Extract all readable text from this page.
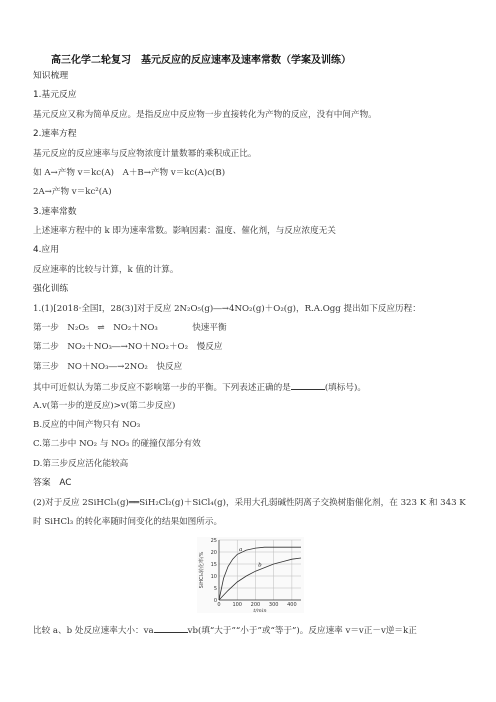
高三化学二轮复习　基元反应的反应速率及速率常数（学案及训练）
知识梳理
1.基元反应
基元反应又称为简单反应。是指反应中反应物一步直接转化为产物的反应，没有中间产物。
2.速率方程
基元反应的反应速率与反应物浓度计量数幂的乘积成正比。
如 A→产物 v＝kc(A)　A＋B→产物 v＝kc(A)c(B)
2A→产物 v＝kc²(A)
3.速率常数
上述速率方程中的 k 即为速率常数。影响因素：温度、催化剂，与反应浓度无关
4.应用
反应速率的比较与计算，k 值的计算。
强化训练
1.(1)[2018·全国Ⅰ，28(3)]对于反应 2N₂O₅(g)―→4NO₂(g)＋O₂(g)，R.A.Ogg 提出如下反应历程：
第一步　N₂O₅　⇌　NO₂＋NO₃　　　　快速平衡
第二步　NO₂＋NO₃―→NO＋NO₂＋O₂　慢反应
第三步　NO＋NO₃―→2NO₂　快反应
其中可近似认为第二步反应不影响第一步的平衡。下列表述正确的是	(填标号)。
A.v(第一步的逆反应)>v(第二步反应)
B.反应的中间产物只有 NO₃
C.第二步中 NO₂ 与 NO₃ 的碰撞仅部分有效
D.第三步反应活化能较高
答案　AC
(2)对于反应 2SiHCl₃(g)══SiH₂Cl₂(g)＋SiCl₄(g)，采用大孔弱碱性阴离子交换树脂催化剂，在 323 K 和 343 K
时 SiHCl₃ 的转化率随时间变化的结果如图所示。
0
5
10
15
20
25
0 100 200 300 400
a
b
t/min
SiHCl₃转化率/%
比较 a、b 处反应速率大小：va	vb(填“大于”“小于”或“等于”)。反应速率 v＝v正－v逆＝k正
